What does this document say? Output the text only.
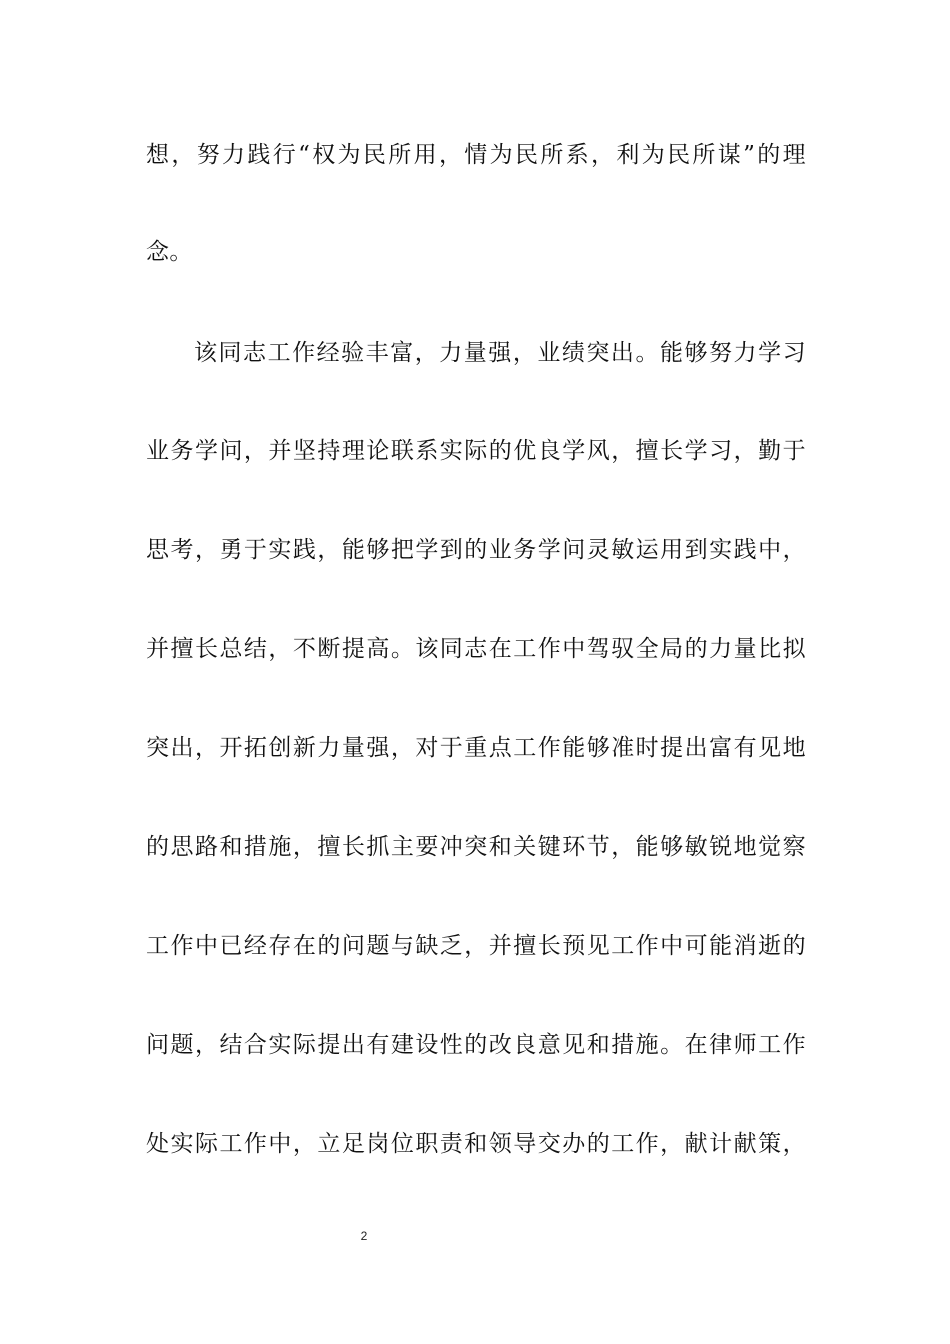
想，努力践行“权为民所用，情为民所系，利为民所谋”的理
念。
该同志工作经验丰富，力量强，业绩突出。能够努力学习
业务学问，并坚持理论联系实际的优良学风，擅长学习，勤于
思考，勇于实践，能够把学到的业务学问灵敏运用到实践中，
并擅长总结，不断提高。该同志在工作中驾驭全局的力量比拟
突出，开拓创新力量强，对于重点工作能够准时提出富有见地
的思路和措施，擅长抓主要冲突和关键环节，能够敏锐地觉察
工作中已经存在的问题与缺乏，并擅长预见工作中可能消逝的
问题，结合实际提出有建设性的改良意见和措施。在律师工作
处实际工作中，立足岗位职责和领导交办的工作，献计献策，
2
